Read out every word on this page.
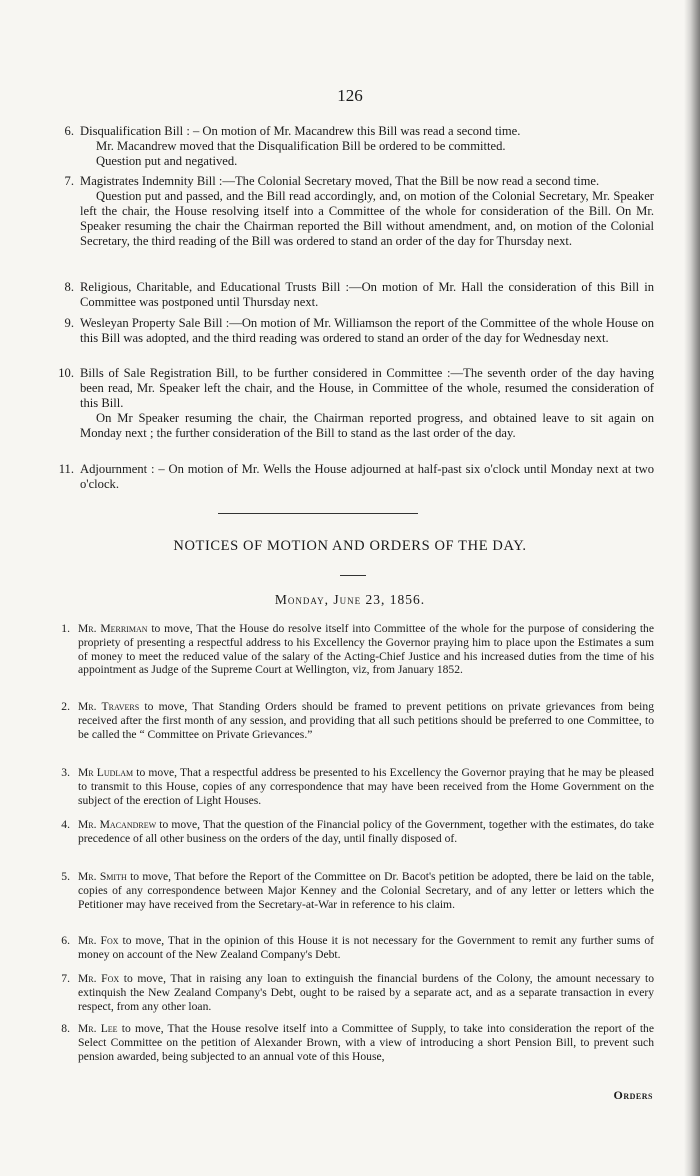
126
6. Disqualification Bill : – On motion of Mr. Macandrew this Bill was read a second time.

Mr. Macandrew moved that the Disqualification Bill be ordered to be committed.

Question put and negatived.

7. Magistrates Indemnity Bill :—The Colonial Secretary moved, That the Bill be now read a second time.

Question put and passed, and the Bill read accordingly, and, on motion of the Colonial Secretary, Mr. Speaker left the chair, the House resolving itself into a Committee of the whole for consideration of the Bill. On Mr. Speaker resuming the chair the Chairman reported the Bill without amendment, and, on motion of the Colonial Secretary, the third reading of the Bill was ordered to stand an order of the day for Thursday next.

8. Religious, Charitable, and Educational Trusts Bill :—On motion of Mr. Hall the consideration of this Bill in Committee was postponed until Thursday next.

9. Wesleyan Property Sale Bill :—On motion of Mr. Williamson the report of the Committee of the whole House on this Bill was adopted, and the third reading was ordered to stand an order of the day for Wednesday next.

10. Bills of Sale Registration Bill, to be further considered in Committee :—The seventh order of the day having been read, Mr. Speaker left the chair, and the House, in Committee of the whole, resumed the consideration of this Bill.

On Mr Speaker resuming the chair, the Chairman reported progress, and obtained leave to sit again on Monday next ; the further consideration of the Bill to stand as the last order of the day.

11. Adjournment : – On motion of Mr. Wells the House adjourned at half-past six o'clock until Monday next at two o'clock.

NOTICES OF MOTION AND ORDERS OF THE DAY.
Monday, June 23, 1856.
1. Mr. Merriman to move, That the House do resolve itself into Committee of the whole for the purpose of considering the propriety of presenting a respectful address to his Excellency the Governor praying him to place upon the Estimates a sum of money to meet the reduced value of the salary of the Acting-Chief Justice and his increased duties from the time of his appointment as Judge of the Supreme Court at Wellington, viz, from January 1852.
2. Mr. Travers to move, That Standing Orders should be framed to prevent petitions on private grievances from being received after the first month of any session, and providing that all such petitions should be preferred to one Committee, to be called the “ Committee on Private Grievances.”
3. Mr Ludlam to move, That a respectful address be presented to his Excellency the Governor praying that he may be pleased to transmit to this House, copies of any correspondence that may have been received from the Home Government on the subject of the erection of Light Houses.
4. Mr. Macandrew to move, That the question of the Financial policy of the Government, together with the estimates, do take precedence of all other business on the orders of the day, until finally disposed of.
5. Mr. Smith to move, That before the Report of the Committee on Dr. Bacot's petition be adopted, there be laid on the table, copies of any correspondence between Major Kenney and the Colonial Secretary, and of any letter or letters which the Petitioner may have received from the Secretary-at-War in reference to his claim.
6. Mr. Fox to move, That in the opinion of this House it is not necessary for the Government to remit any further sums of money on account of the New Zealand Company's Debt.
7. Mr. Fox to move, That in raising any loan to extinguish the financial burdens of the Colony, the amount necessary to extinquish the New Zealand Company's Debt, ought to be raised by a separate act, and as a separate transaction in every respect, from any other loan.
8. Mr. Lee to move, That the House resolve itself into a Committee of Supply, to take into consideration the report of the Select Committee on the petition of Alexander Brown, with a view of introducing a short Pension Bill, to prevent such pension awarded, being subjected to an annual vote of this House,
Orders
